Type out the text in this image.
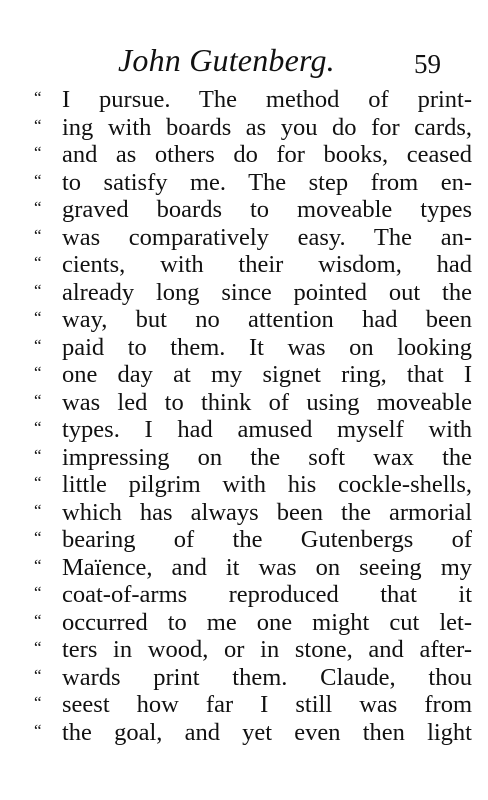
John Gutenberg.	59
“ I pursue. The method of print-
“ ing with boards as you do for cards,
“ and as others do for books, ceased
“ to satisfy me. The step from en-
“ graved boards to moveable types
“ was comparatively easy. The an-
“ cients, with their wisdom, had
“ already long since pointed out the
“ way, but no attention had been
“ paid to them. It was on looking
“ one day at my signet ring, that I
“ was led to think of using moveable
“ types. I had amused myself with
“ impressing on the soft wax the
“ little pilgrim with his cockle-shells,
“ which has always been the armorial
“ bearing of the Gutenbergs of
“ Maïence, and it was on seeing my
“ coat-of-arms reproduced that it
“ occurred to me one might cut let-
“ ters in wood, or in stone, and after-
“ wards print them. Claude, thou
“ seest how far I still was from
“ the goal, and yet even then light
